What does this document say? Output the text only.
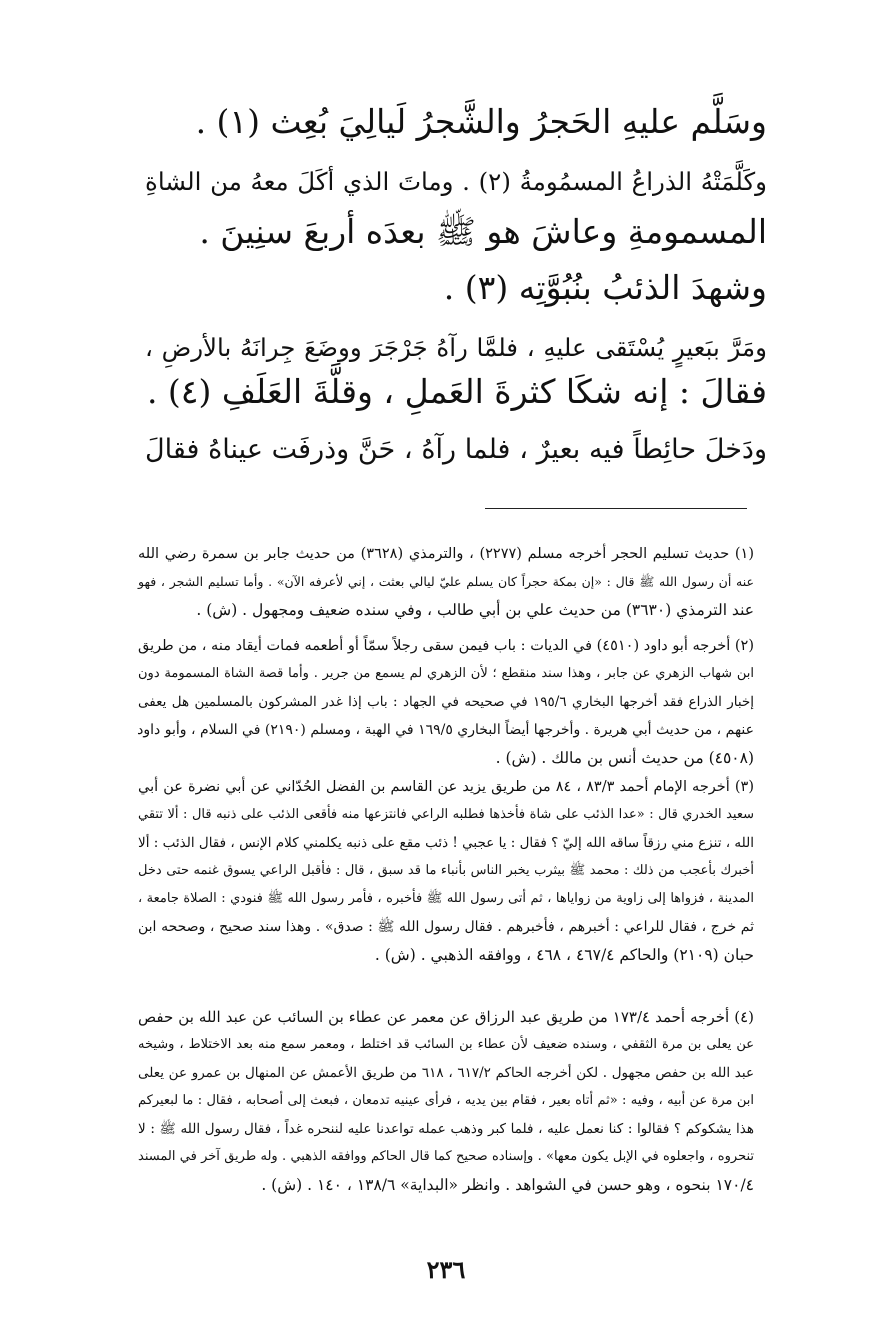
وسَلَّم عليهِ الحَجرُ والشَّجرُ لَيالِيَ بُعِث (١) .
وكَلَّمَتْهُ الذراعُ المسمُومةُ (٢) . وماتَ الذي أكَلَ معهُ من الشاةِ
المسمومةِ وعاشَ هو ﷺ بعدَه أربعَ سنِينَ .
وشهدَ الذئبُ بنُبُوَّتِه (٣) .
ومَرَّ ببَعيرٍ يُسْتَقى عليهِ ، فلمَّا رآهُ جَرْجَرَ ووضَعَ جِرانَهُ بالأرضِ ،
فقالَ : إنه شكَا كثرةَ العَملِ ، وقلَّةَ العَلَفِ (٤) .
ودَخلَ حائِطاً فيه بعيرٌ ، فلما رآهُ ، حَنَّ وذرفَت عيناهُ فقالَ
(١) حديث تسليم الحجر أخرجه مسلم (٢٢٧٧) ، والترمذي (٣٦٢٨) من حديث جابر بن سمرة رضي الله
عنه أن رسول الله ﷺ قال : «إن بمكة حجراً كان يسلم عليّ ليالي بعثت ، إني لأعرفه الآن» . وأما تسليم الشجر ، فهو
عند الترمذي (٣٦٣٠) من حديث علي بن أبي طالب ، وفي سنده ضعيف ومجهول . (ش) .
(٢) أخرجه أبو داود (٤٥١٠) في الديات : باب فيمن سقى رجلاً سمّاً أو أطعمه فمات أيقاد منه ، من طريق
ابن شهاب الزهري عن جابر ، وهذا سند منقطع ؛ لأن الزهري لم يسمع من جرير . وأما قصة الشاة المسمومة دون
إخبار الذراع فقد أخرجها البخاري ١٩٥/٦ في صحيحه في الجهاد : باب إذا غدر المشركون بالمسلمين هل يعفى
عنهم ، من حديث أبي هريرة . وأخرجها أيضاً البخاري ١٦٩/٥ في الهبة ، ومسلم (٢١٩٠) في السلام ، وأبو داود
(٤٥٠٨) من حديث أنس بن مالك . (ش) .
(٣) أخرجه الإمام أحمد ٨٣/٣ ، ٨٤ من طريق يزيد عن القاسم بن الفضل الحُدّاني عن أبي نضرة عن أبي
سعيد الخدري قال : «عدا الذئب على شاة فأخذها فطلبه الراعي فانتزعها منه فأقعى الذئب على ذنبه قال : ألا تتقي
الله ، تنزع مني رزقاً ساقه الله إليّ ؟ فقال : يا عجبي ! ذئب مقع على ذنبه يكلمني كلام الإنس ، فقال الذئب : ألا
أخبرك بأعجب من ذلك : محمد ﷺ بيثرب يخبر الناس بأنباء ما قد سبق ، قال : فأقبل الراعي يسوق غنمه حتى دخل
المدينة ، فزواها إلى زاوية من زواياها ، ثم أتى رسول الله ﷺ فأخبره ، فأمر رسول الله ﷺ فنودي : الصلاة جامعة ،
ثم خرج ، فقال للراعي : أخبرهم ، فأخبرهم . فقال رسول الله ﷺ : صدق» . وهذا سند صحيح ، وصححه ابن
حبان (٢١٠٩) والحاكم ٤٦٧/٤ ، ٤٦٨ ، ووافقه الذهبي . (ش) .
(٤) أخرجه أحمد ١٧٣/٤ من طريق عبد الرزاق عن معمر عن عطاء بن السائب عن عبد الله بن حفص
عن يعلى بن مرة الثقفي ، وسنده ضعيف لأن عطاء بن السائب قد اختلط ، ومعمر سمع منه بعد الاختلاط ، وشيخه
عبد الله بن حفص مجهول . لكن أخرجه الحاكم ٦١٧/٢ ، ٦١٨ من طريق الأعمش عن المنهال بن عمرو عن يعلى
ابن مرة عن أبيه ، وفيه : «ثم أتاه بعير ، فقام بين يديه ، فرأى عينيه تدمعان ، فبعث إلى أصحابه ، فقال : ما لبعيركم
هذا يشكوكم ؟ فقالوا : كنا نعمل عليه ، فلما كبر وذهب عمله تواعدنا عليه لننحره غداً ، فقال رسول الله ﷺ : لا
تنحروه ، واجعلوه في الإبل يكون معها» . وإسناده صحيح كما قال الحاكم ووافقه الذهبي . وله طريق آخر في المسند
١٧٠/٤ بنحوه ، وهو حسن في الشواهد . وانظر «البداية» ١٣٨/٦ ، ١٤٠ . (ش) .
٢٣٦
